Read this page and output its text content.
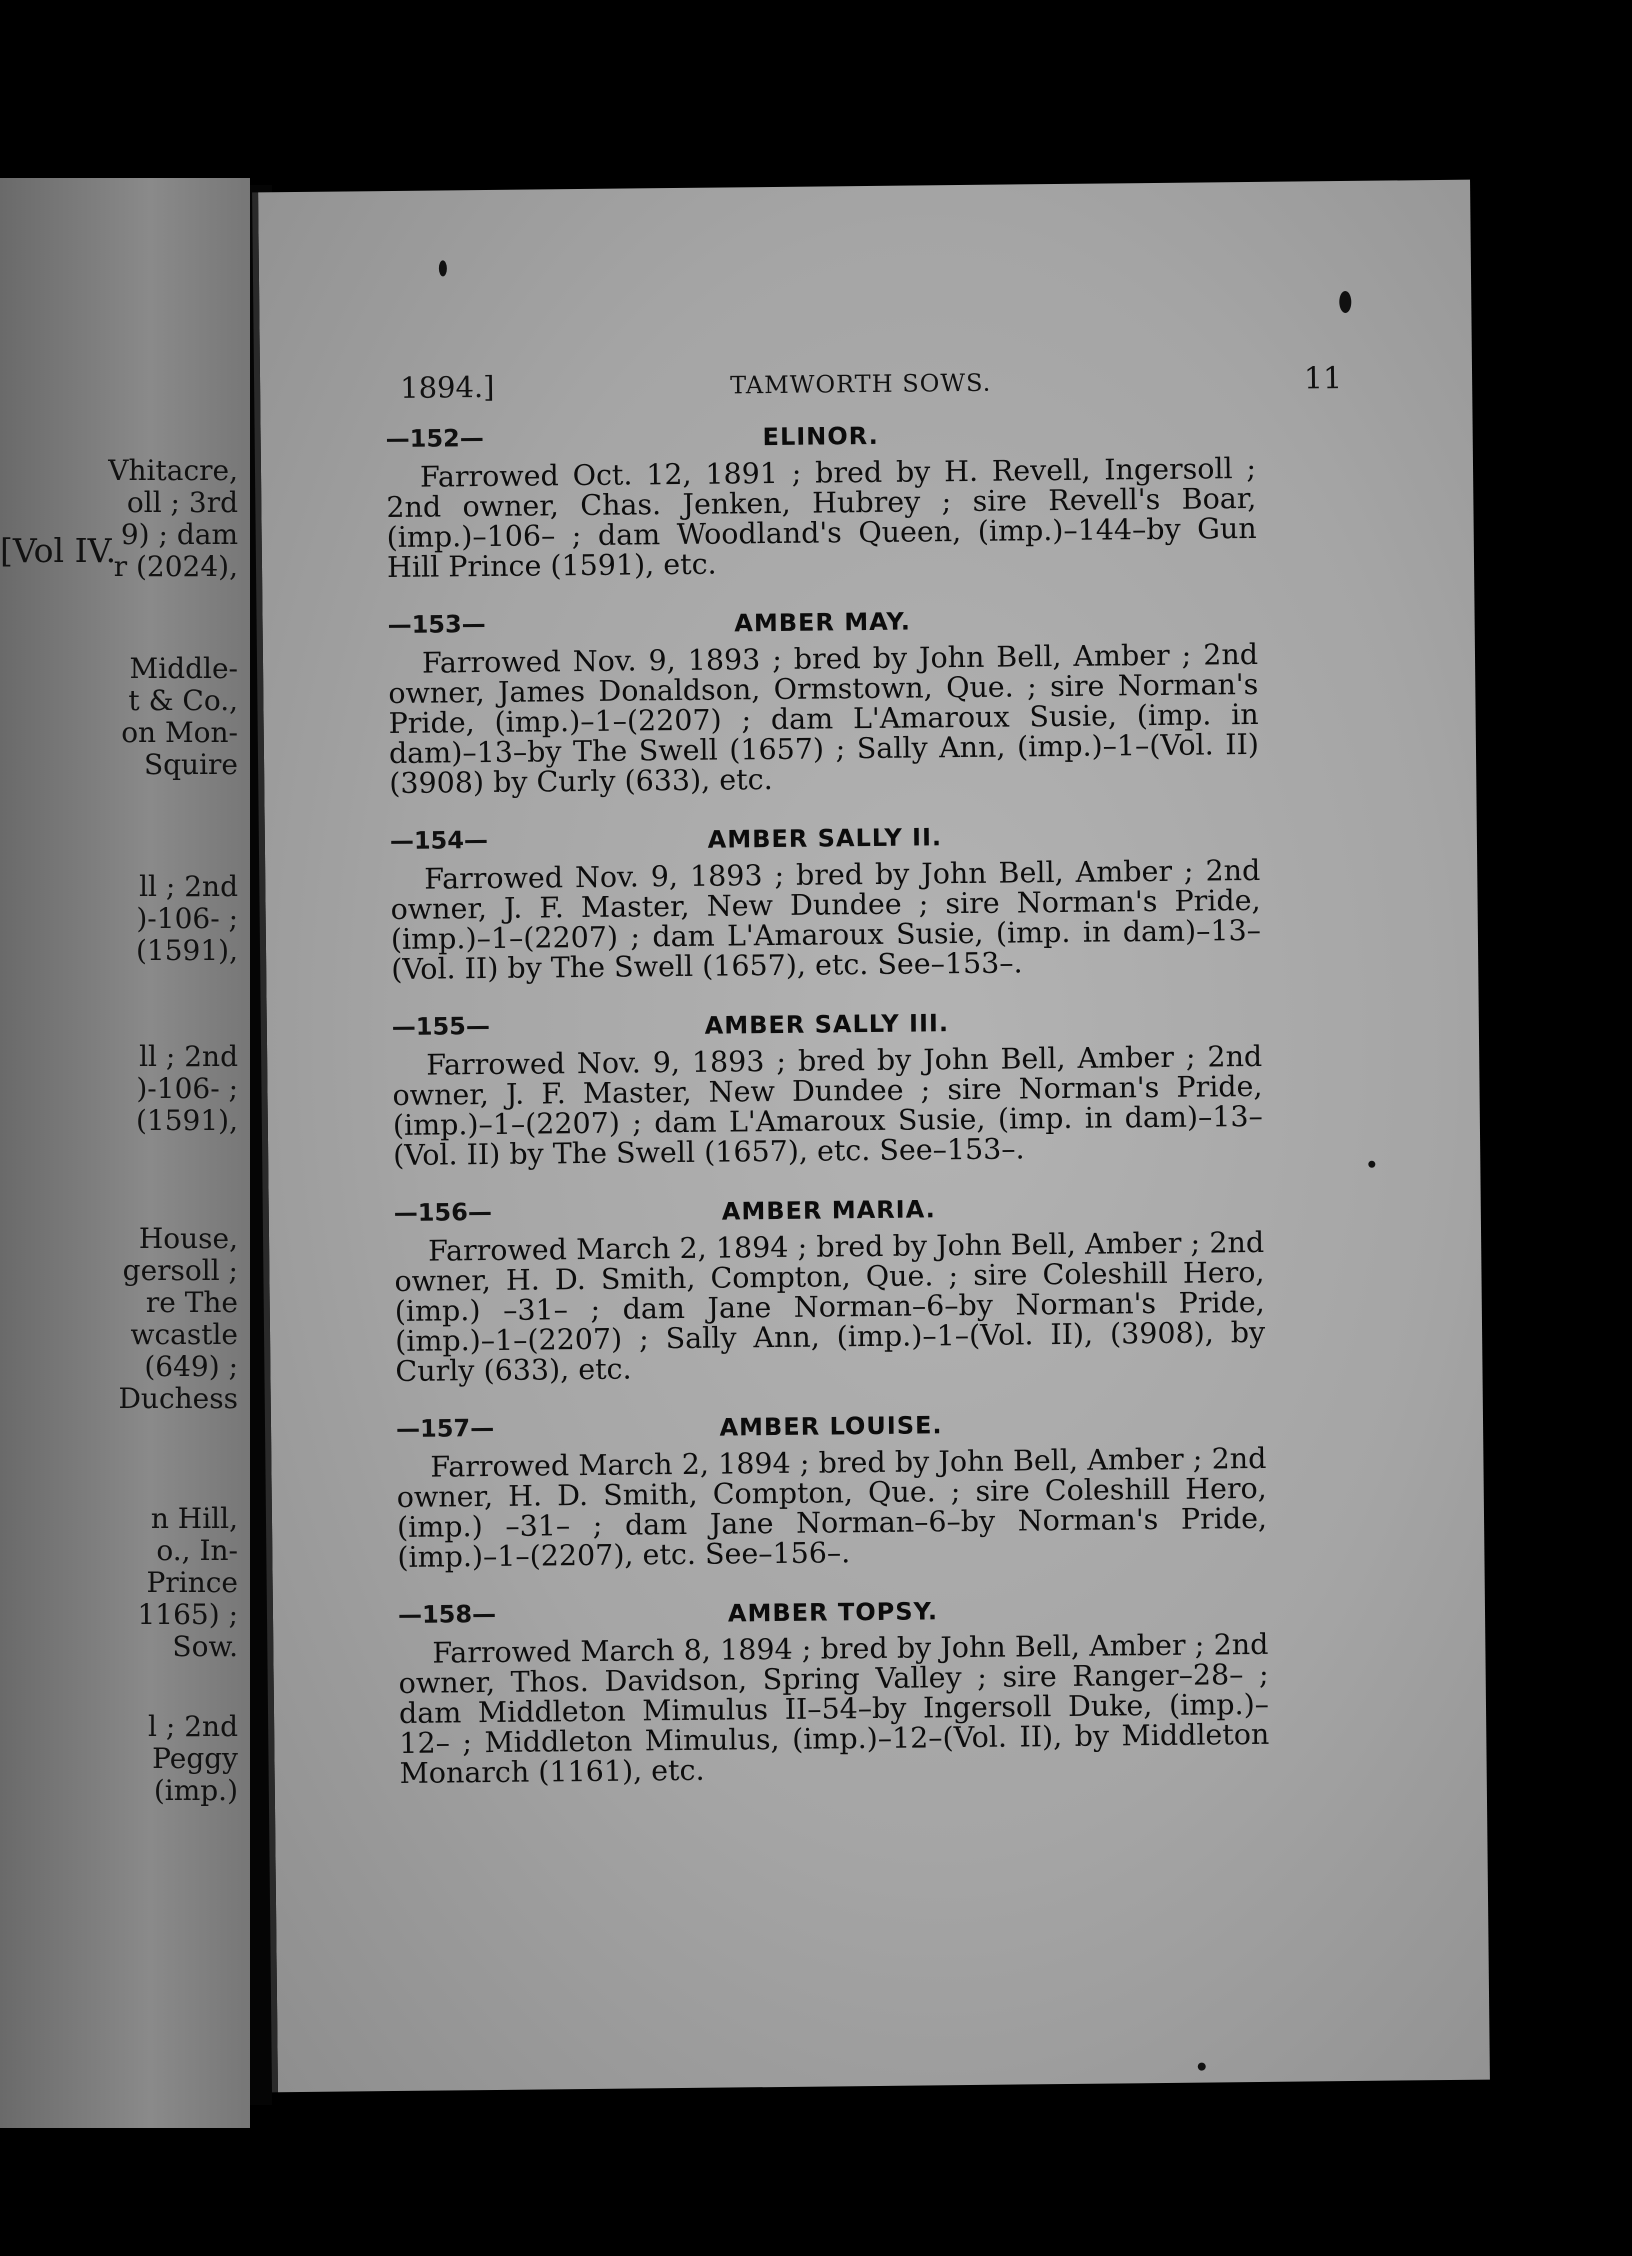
[Vol IV.
Vhitacre,
oll ; 3rd
9) ; dam
r (2024),
Middle-
t & Co.,
on Mon-
Squire
ll ; 2nd
)-106- ;
(1591),
ll ; 2nd
)-106- ;
(1591),
House,
gersoll ;
re The
wcastle
(649) ;
Duchess
n Hill,
o., In-
Prince
1165) ;
Sow.
l ; 2nd
Peggy
(imp.)
1894.]	TAMWORTH SOWS.	11
—152—	ELINOR.

Farrowed Oct. 12, 1891 ; bred by H. Revell, Ingersoll ; 2nd owner, Chas. Jenken, Hubrey ; sire Revell's Boar, (imp.)–106– ; dam Woodland's Queen, (imp.)–144–by Gun Hill Prince (1591), etc.

—153—	AMBER MAY.

Farrowed Nov. 9, 1893 ; bred by John Bell, Amber ; 2nd owner, James Donaldson, Ormstown, Que. ; sire Norman's Pride, (imp.)–1–(2207) ; dam L'Amaroux Susie, (imp. in dam)–13–by The Swell (1657) ; Sally Ann, (imp.)–1–(Vol. II) (3908) by Curly (633), etc.

—154—	AMBER SALLY II.

Farrowed Nov. 9, 1893 ; bred by John Bell, Amber ; 2nd owner, J. F. Master, New Dundee ; sire Norman's Pride, (imp.)–1–(2207) ; dam L'Amaroux Susie, (imp. in dam)–13–(Vol. II) by The Swell (1657), etc. See–153–.

—155—	AMBER SALLY III.

Farrowed Nov. 9, 1893 ; bred by John Bell, Amber ; 2nd owner, J. F. Master, New Dundee ; sire Norman's Pride, (imp.)–1–(2207) ; dam L'Amaroux Susie, (imp. in dam)–13–(Vol. II) by The Swell (1657), etc. See–153–.

—156—	AMBER MARIA.

Farrowed March 2, 1894 ; bred by John Bell, Amber ; 2nd owner, H. D. Smith, Compton, Que. ; sire Coleshill Hero, (imp.) –31– ; dam Jane Norman–6–by Norman's Pride, (imp.)–1–(2207) ; Sally Ann, (imp.)–1–(Vol. II), (3908), by Curly (633), etc.

—157—	AMBER LOUISE.

Farrowed March 2, 1894 ; bred by John Bell, Amber ; 2nd owner, H. D. Smith, Compton, Que. ; sire Coleshill Hero, (imp.) –31– ; dam Jane Norman–6–by Norman's Pride, (imp.)–1–(2207), etc. See–156–.

—158—	AMBER TOPSY.

Farrowed March 8, 1894 ; bred by John Bell, Amber ; 2nd owner, Thos. Davidson, Spring Valley ; sire Ranger–28– ; dam Middleton Mimulus II–54–by Ingersoll Duke, (imp.)–12– ; Middleton Mimulus, (imp.)–12–(Vol. II), by Middleton Monarch (1161), etc.
